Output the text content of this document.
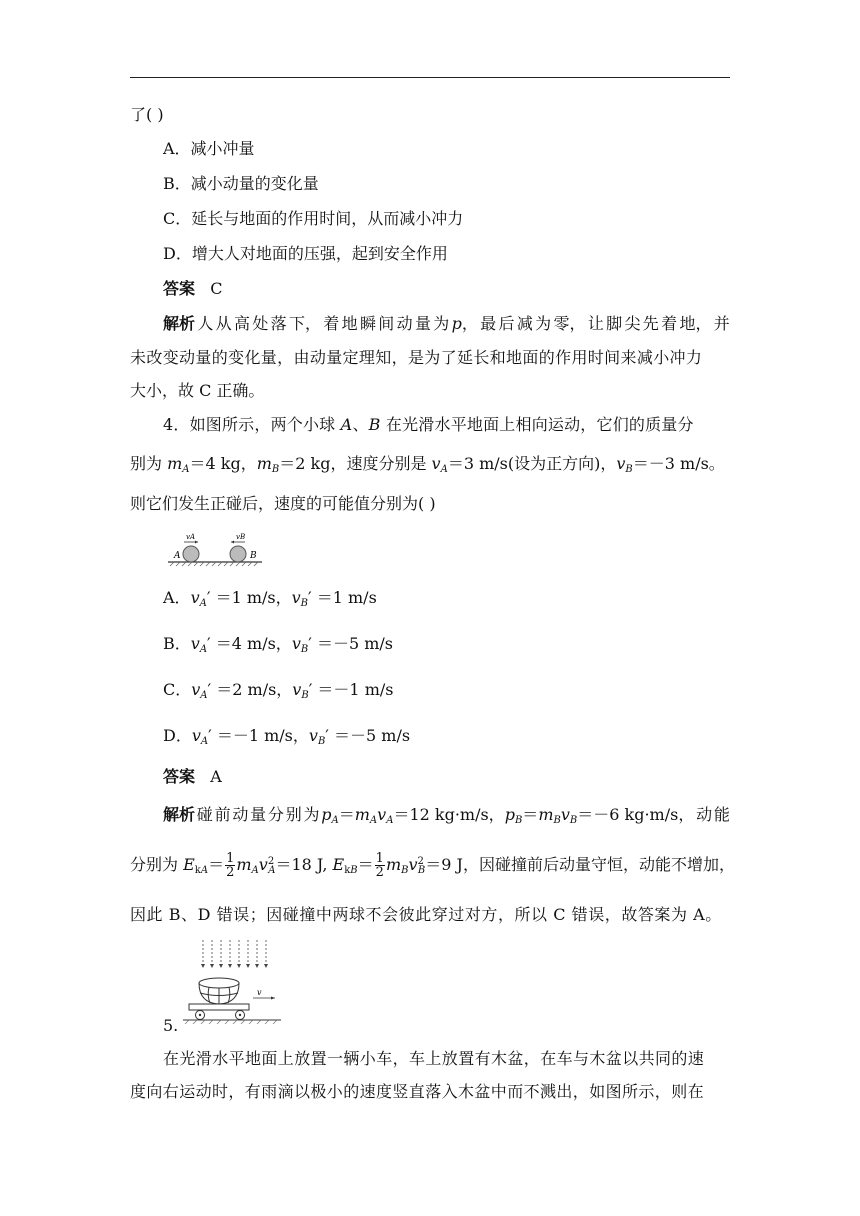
了( )
A．减小冲量
B．减小动量的变化量
C．延长与地面的作用时间，从而减小冲力
D．增大人对地面的压强，起到安全作用
答案 C
解析 人 从 高 处 落 下， 着 地 瞬 间 动 量 为 p， 最 后 减 为 零， 让 脚 尖 先 着 地， 并
未改变动量的变化量，由动量定理知，是为了延长和地面的作用时间来减小冲力
大小，故 C 正确。
4．如图所示，两个小球 A、B 在光滑水平地面上相向运动，它们的质量分
别为 $m_A=4$ kg，$m_B=2$ kg，速度分别是 $v_A=3$ m/s(设为正方向)，$v_B=-3$ m/s。
则它们发生正碰后，速度的可能值分别为( )
A	B
vA	vB
A．$v_A' =1$ m/s，$v_B' =1$ m/s
B．$v_A' =4$ m/s，$v_B' =-5$ m/s
C．$v_A' =2$ m/s，$v_B' =-1$ m/s
D．$v_A' =-1$ m/s，$v_B' =-5$ m/s
答案 A
解析 碰 前 动 量 分 别 为 $p_A=m_Av_A=12$ kg·m/s，$p_B=m_Bv_B=-6$ kg·m/s， 动 能
分别为 $E_{kA}= \frac{1}{2} m_Av^2_A=18$ J, $E_{kB}= \frac{1}{2} m_Bv^2_B=9$ J，因碰撞前后动量守恒，动能不增加，
因此 B、D 错误；因碰撞中两球不会彼此穿过对方，所以 C 错误，故答案为 A。
v
5.
在光滑水平地面上放置一辆小车，车上放置有木盆，在车与木盆以共同的速
度向右运动时，有雨滴以极小的速度竖直落入木盆中而不溅出，如图所示，则在
